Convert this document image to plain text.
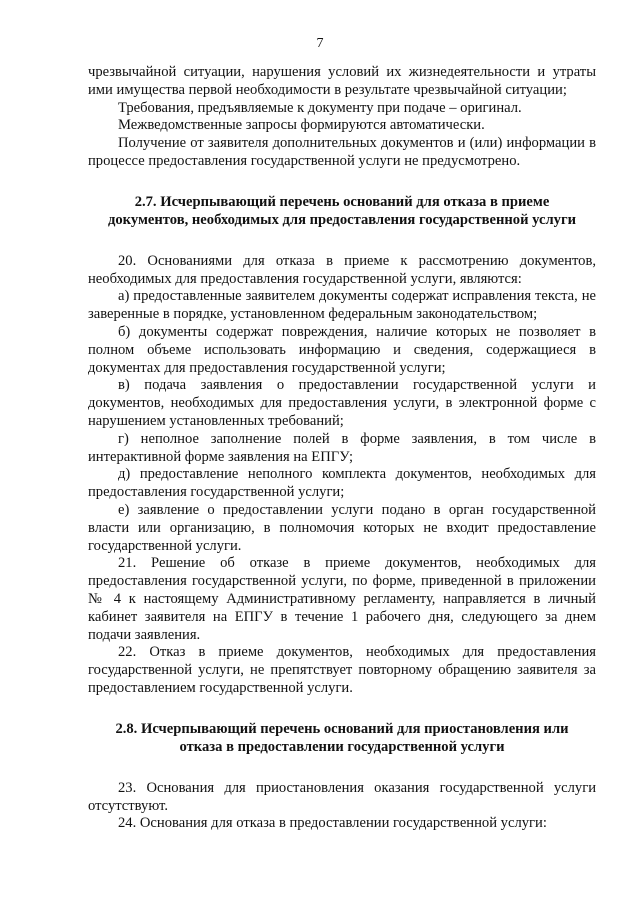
7
чрезвычайной ситуации, нарушения условий их жизнедеятельности и утраты ими имущества первой необходимости в результате чрезвычайной ситуации;
Требования, предъявляемые к документу при подаче – оригинал.
Межведомственные запросы формируются автоматически.
Получение от заявителя дополнительных документов и (или) информации в процессе предоставления государственной услуги не предусмотрено.
2.7. Исчерпывающий перечень оснований для отказа в приеме
документов, необходимых для предоставления государственной услуги
20. Основаниями для отказа в приеме к рассмотрению документов, необходимых для предоставления государственной услуги, являются:
а) предоставленные заявителем документы содержат исправления текста, не заверенные в порядке, установленном федеральным законодательством;
б) документы содержат повреждения, наличие которых не позволяет в полном объеме использовать информацию и сведения, содержащиеся в документах для предоставления государственной услуги;
в) подача заявления о предоставлении государственной услуги и документов, необходимых для предоставления услуги, в электронной форме с нарушением установленных требований;
г) неполное заполнение полей в форме заявления, в том числе в интерактивной форме заявления на ЕПГУ;
д) предоставление неполного комплекта документов, необходимых для предоставления государственной услуги;
е) заявление о предоставлении услуги подано в орган государственной власти или организацию, в полномочия которых не входит предоставление государственной услуги.
21. Решение об отказе в приеме документов, необходимых для предоставления государственной услуги, по форме, приведенной в приложении № 4 к настоящему Административному регламенту, направляется в личный кабинет заявителя на ЕПГУ в течение 1 рабочего дня, следующего за днем подачи заявления.
22. Отказ в приеме документов, необходимых для предоставления государственной услуги, не препятствует повторному обращению заявителя за предоставлением государственной услуги.
2.8. Исчерпывающий перечень оснований для приостановления или
отказа в предоставлении государственной услуги
23. Основания для приостановления оказания государственной услуги отсутствуют.
24. Основания для отказа в предоставлении государственной услуги:
